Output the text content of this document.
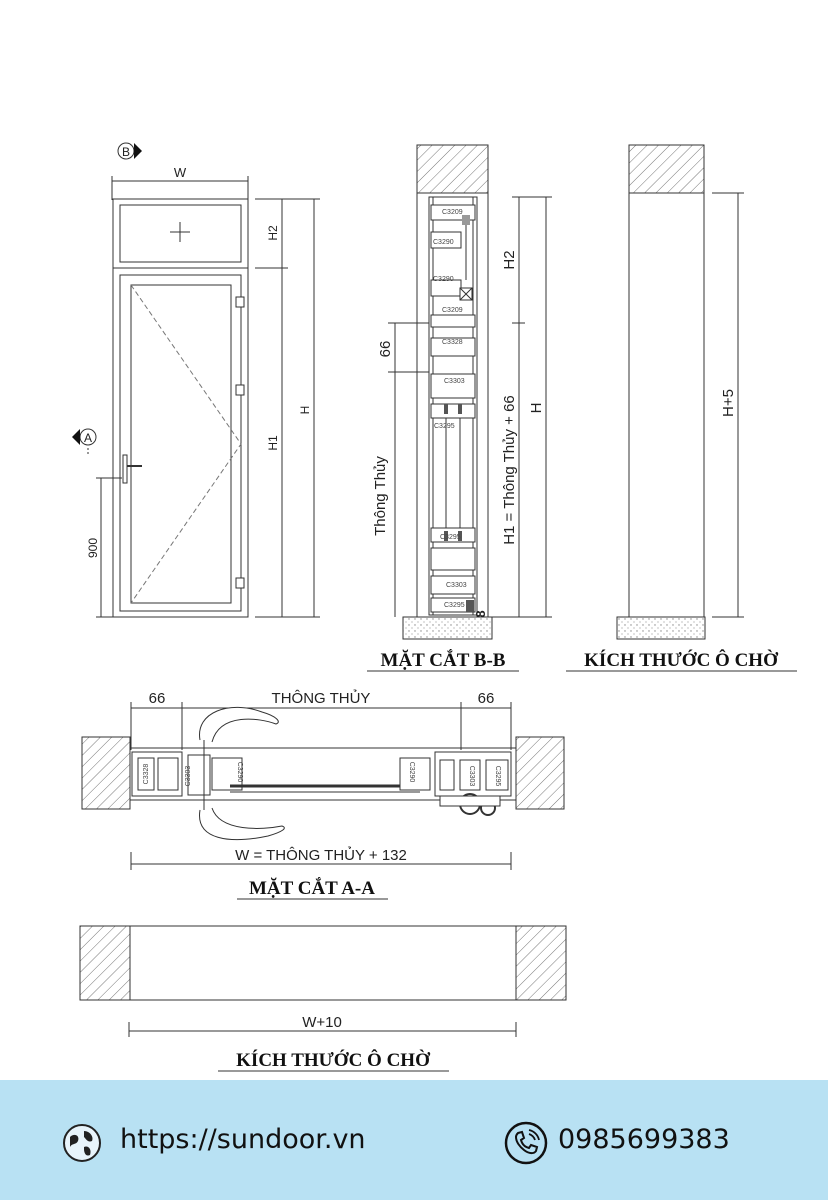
B
W
A
900
H2
H1
H
C3209
C3290
C3290
C3209
C3328
C3303
C3295
C3295
C3303
C3295
66
Thông Thủy
H2
H1 = Thông Thủy + 66 H
8
MẶT CẮT B-B
H+5
KÍCH THƯỚC Ô CHỜ
66	THÔNG THỦY	66
C3328	C3303	C3290	C3290	C3303	C3295
W = THÔNG THỦY + 132
MẶT CẮT A-A
W+10
KÍCH THƯỚC Ô CHỜ
https://sundoor.vn	0985699383
